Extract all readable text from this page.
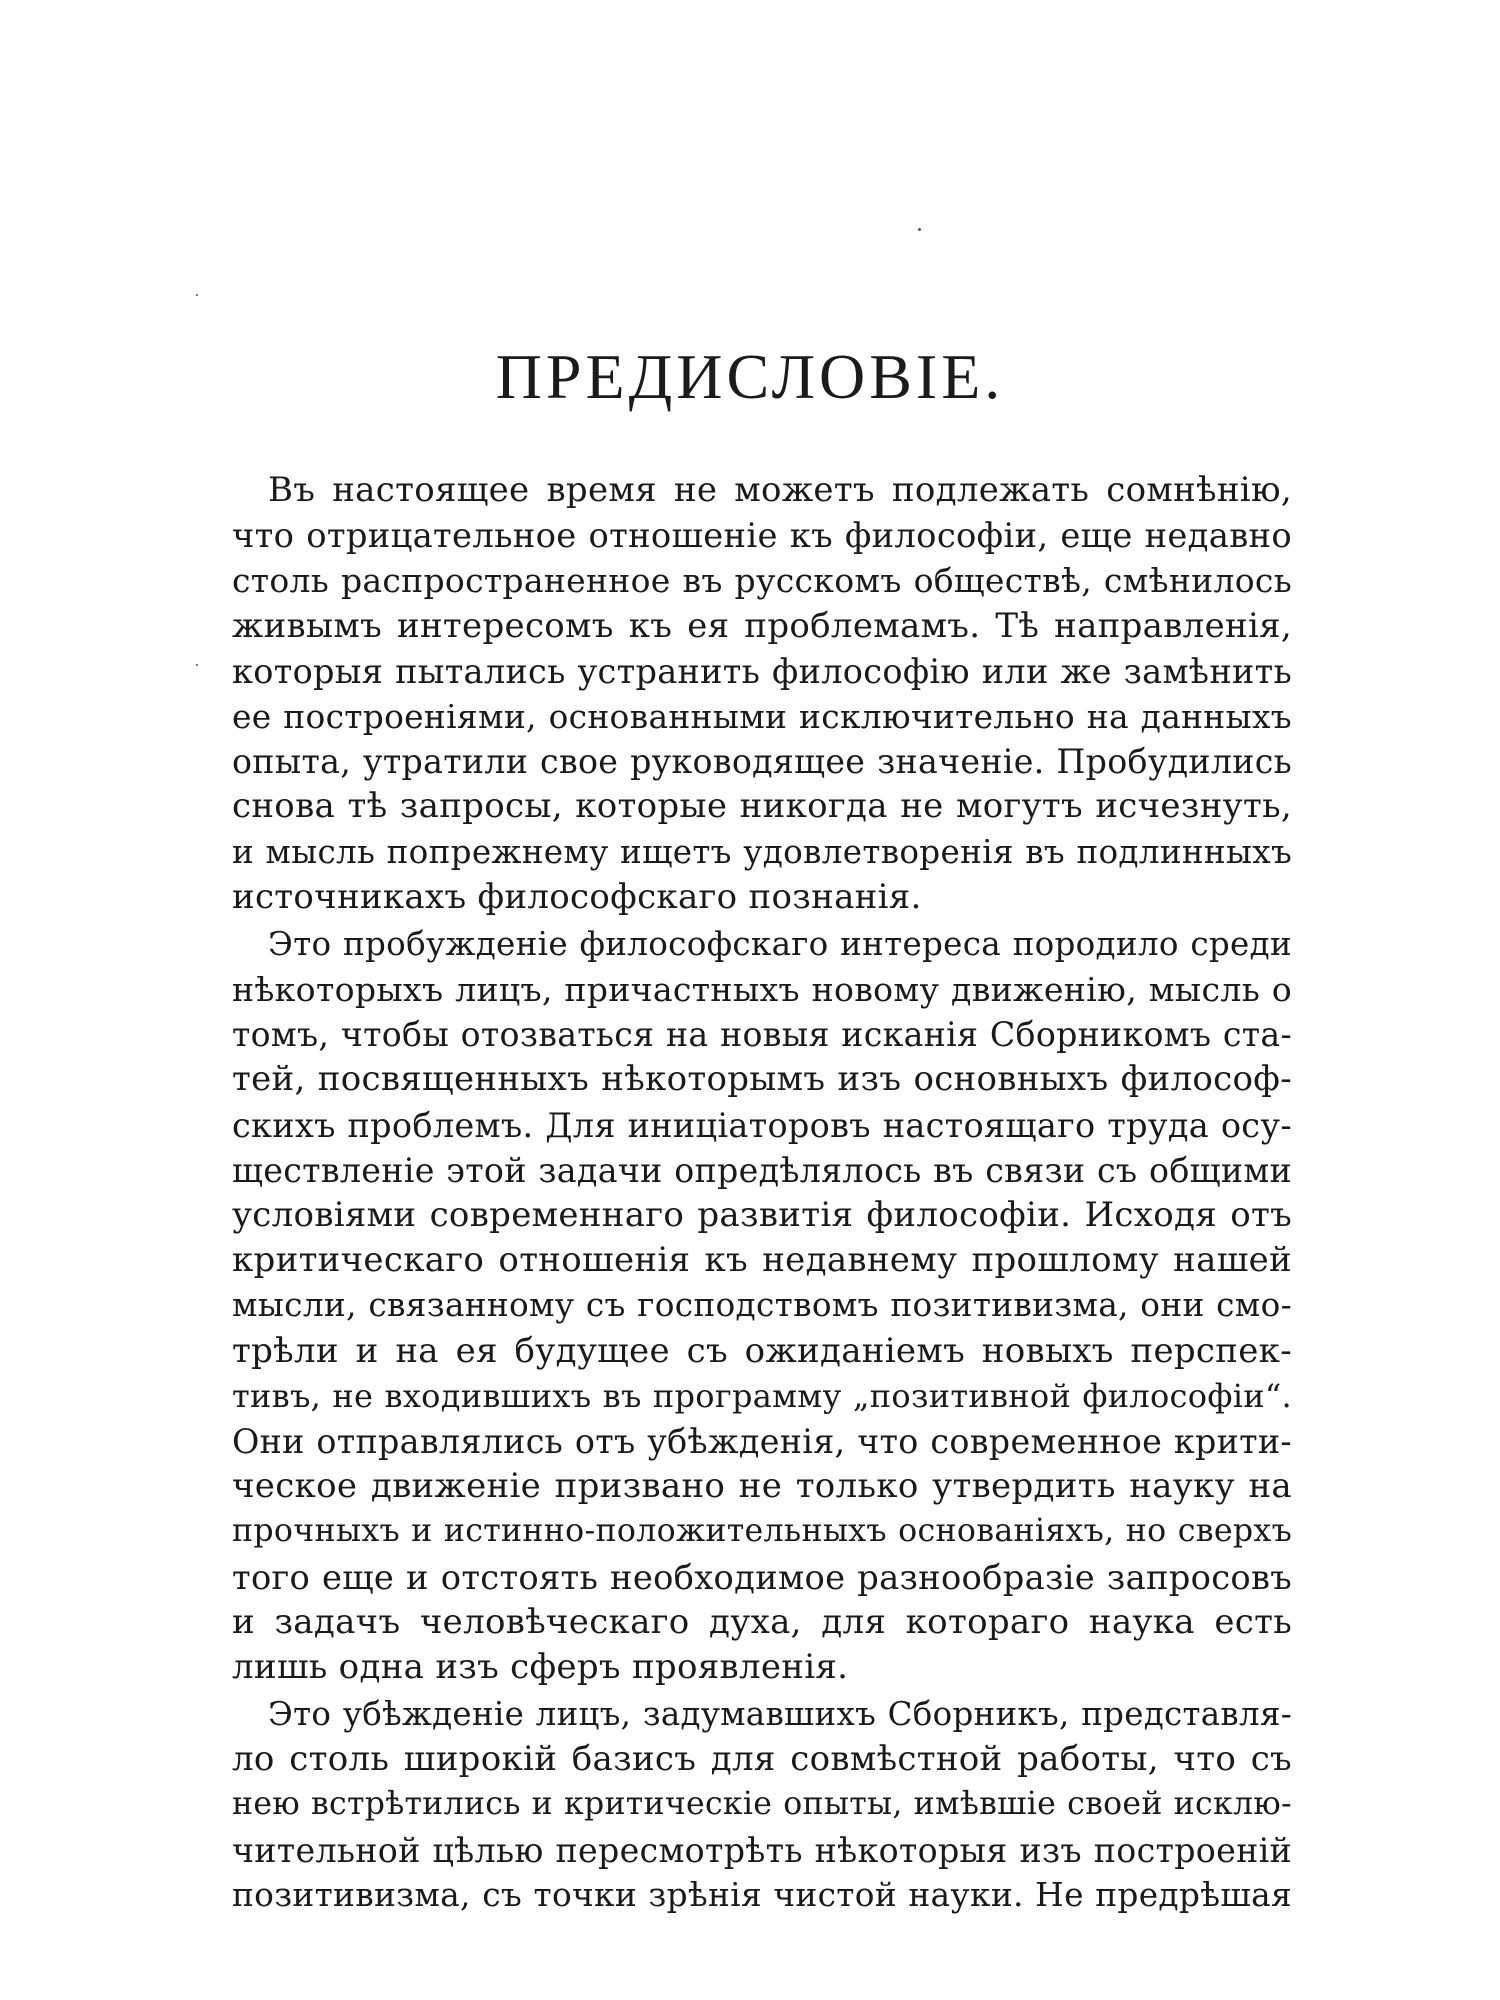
ПРЕДИСЛОВІЕ.
Въ настоящее время не можетъ подлежать сомнѣнію,
что отрицательное отношеніе къ философіи, еще недавно
столь распространенное въ русскомъ обществѣ, смѣнилось
живымъ интересомъ къ ея проблемамъ. Тѣ направленія,
которыя пытались устранить философію или же замѣнить
ее построеніями, основанными исключительно на данныхъ
опыта, утратили свое руководящее значеніе. Пробудились
снова тѣ запросы, которые никогда не могутъ исчезнуть,
и мысль попрежнему ищетъ удовлетворенія въ подлинныхъ
источникахъ философскаго познанія.
Это пробужденіе философскаго интереса породило среди
нѣкоторыхъ лицъ, причастныхъ новому движенію, мысль о
томъ, чтобы отозваться на новыя исканія Сборникомъ ста-
тей, посвященныхъ нѣкоторымъ изъ основныхъ философ-
скихъ проблемъ. Для иниціаторовъ настоящаго труда осу-
ществленіе этой задачи опредѣлялось въ связи съ общими
условіями современнаго развитія философіи. Исходя отъ
критическаго отношенія къ недавнему прошлому нашей
мысли, связанному съ господствомъ позитивизма, они смо-
трѣли и на ея будущее съ ожиданіемъ новыхъ перспек-
тивъ, не входившихъ въ программу „позитивной философіи“.
Они отправлялись отъ убѣжденія, что современное крити-
ческое движеніе призвано не только утвердить науку на
прочныхъ и истинно-положительныхъ основаніяхъ, но сверхъ
того еще и отстоять необходимое разнообразіе запросовъ
и задачъ человѣческаго духа, для котораго наука есть
лишь одна изъ сферъ проявленія.
Это убѣжденіе лицъ, задумавшихъ Сборникъ, представля-
ло столь широкій базисъ для совмѣстной работы, что съ
нею встрѣтились и критическіе опыты, имѣвшіе своей исклю-
чительной цѣлью пересмотрѣть нѣкоторыя изъ построеній
позитивизма, съ точки зрѣнія чистой науки. Не предрѣшая
